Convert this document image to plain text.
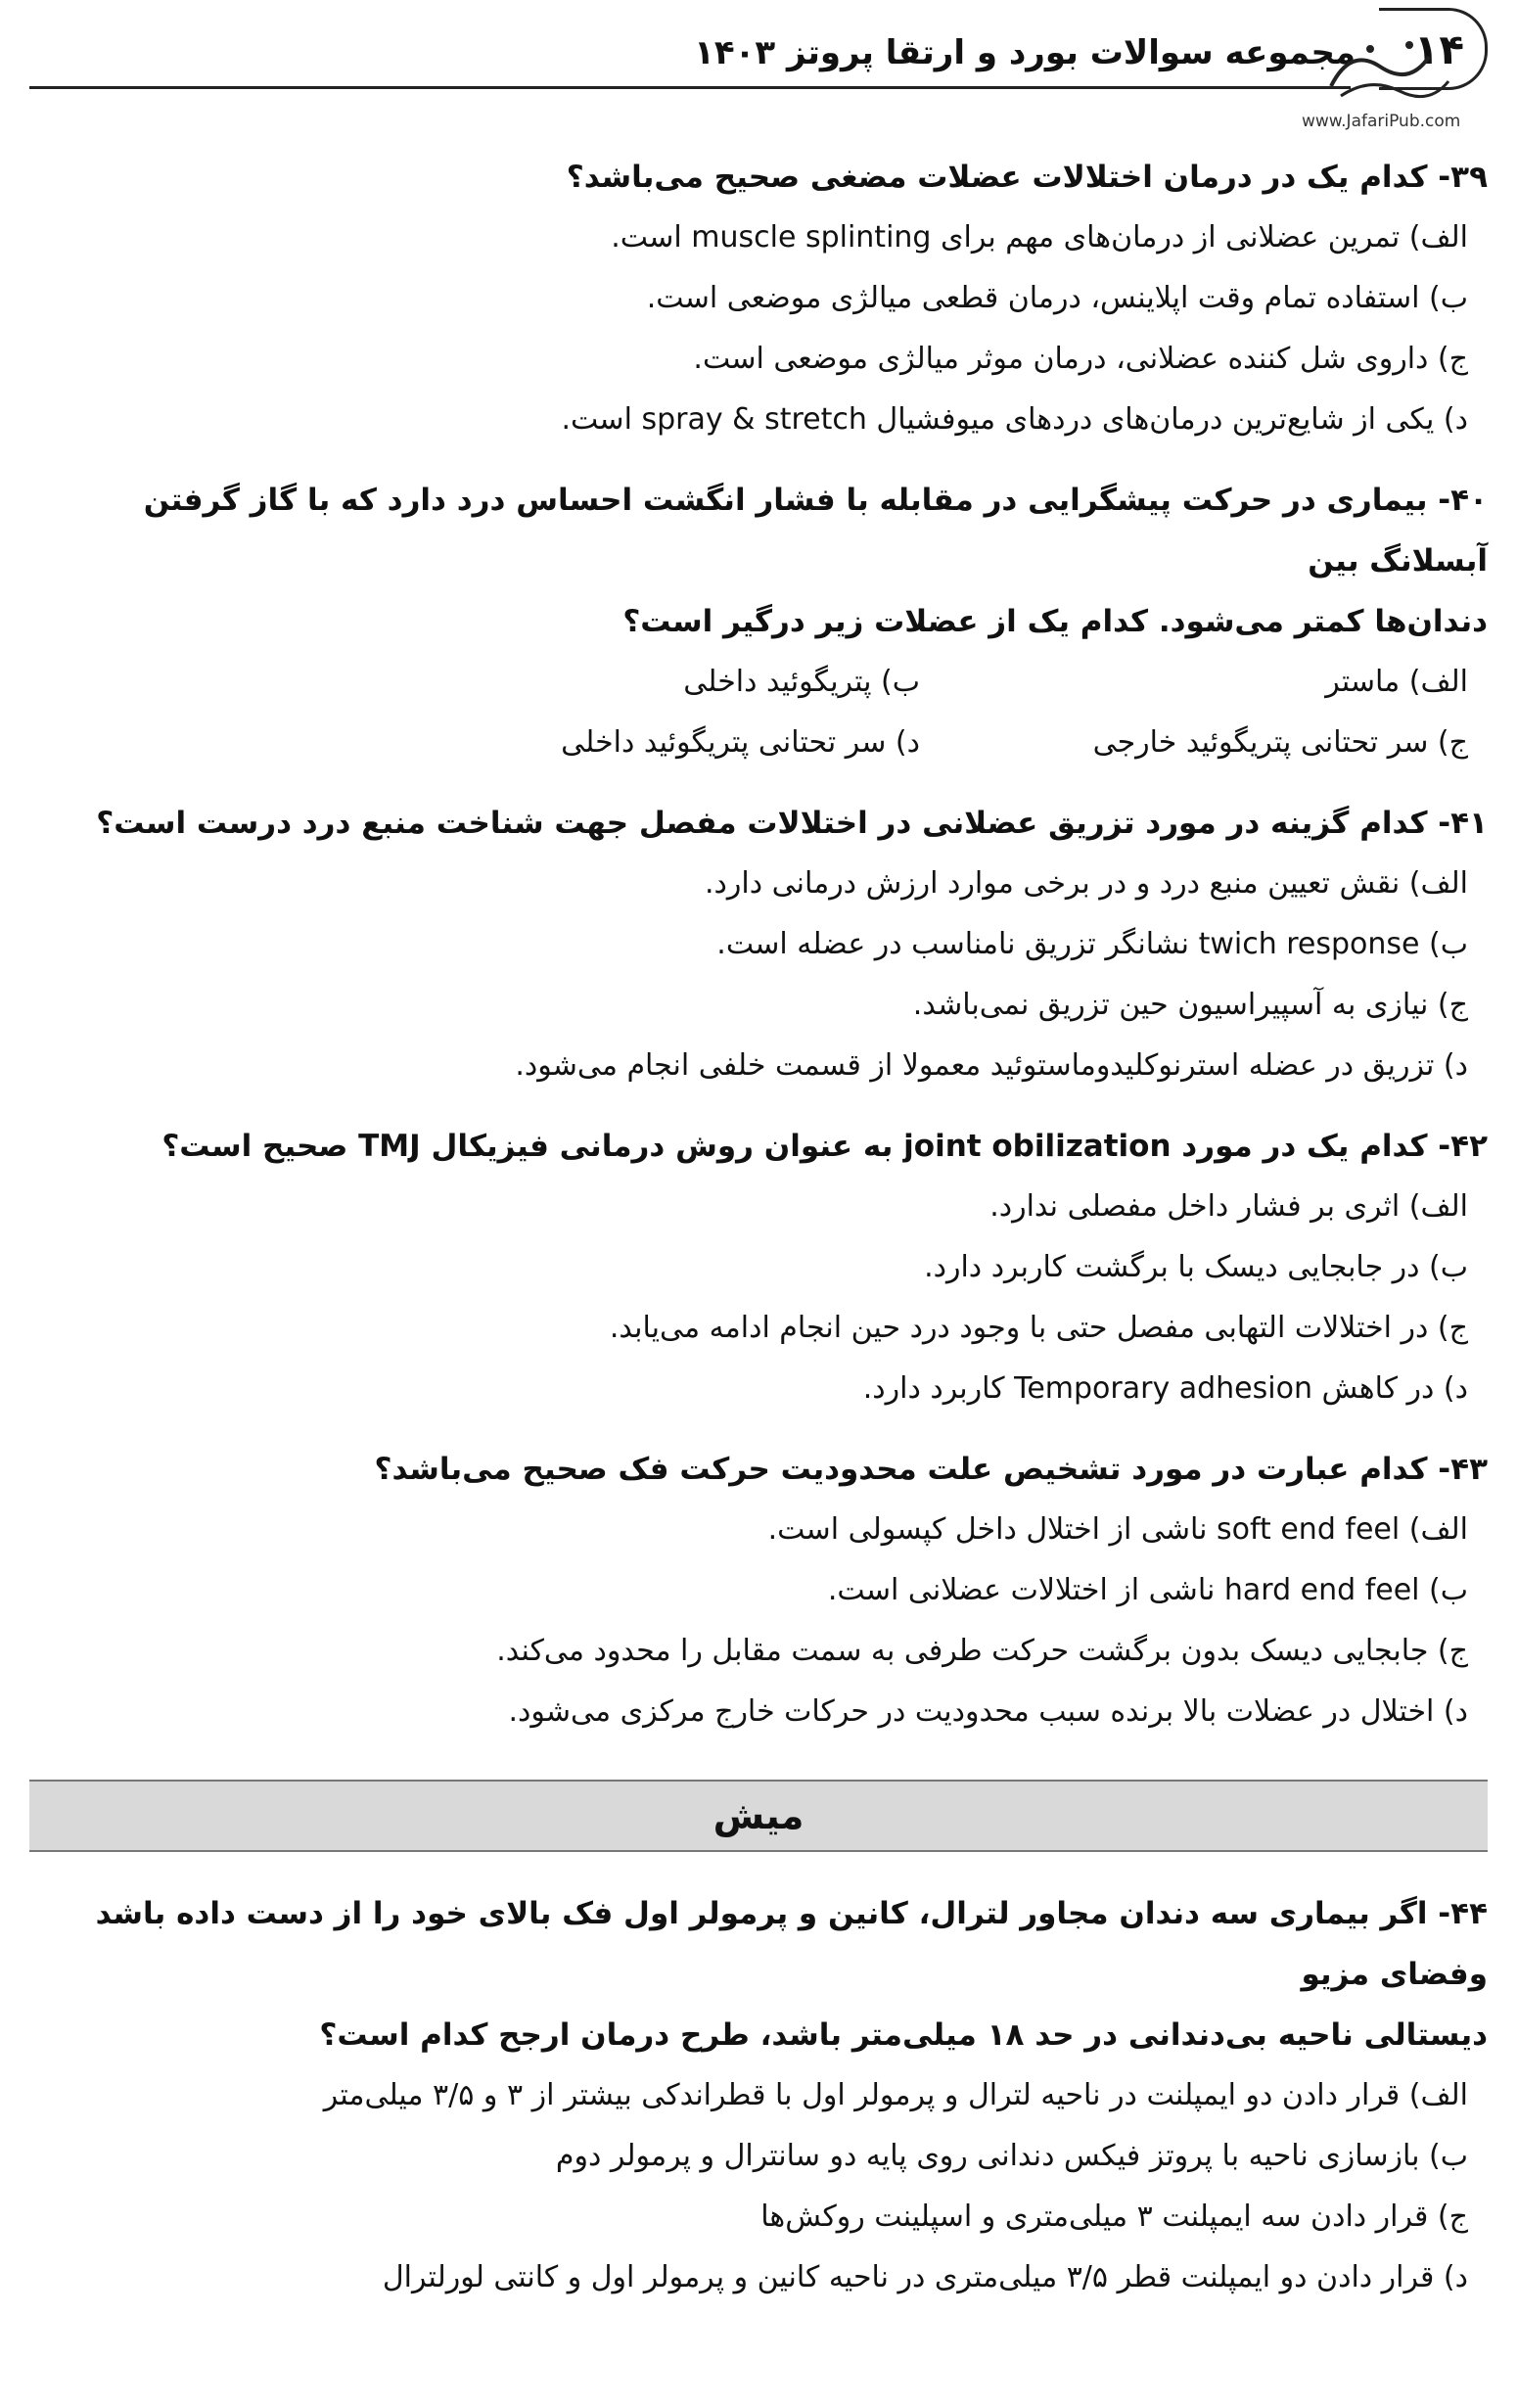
مجموعه سوالات بورد و ارتقا پروتز ۱۴۰۳ ۱۴
www.JafariPub.com

۳۹- کدام یک در درمان اختلالات عضلات مضغی صحیح می‌باشد؟

الف) تمرین عضلانی از درمان‌های مهم برای muscle splinting است.

ب) استفاده تمام وقت اپلاینس، درمان قطعی میالژی موضعی است.

ج) داروی شل کننده عضلانی، درمان موثر میالژی موضعی است.

د) یکی از شایع‌ترین درمان‌های دردهای میوفشیال spray & stretch است.

۴۰- بیماری در حرکت پیشگرایی در مقابله با فشار انگشت احساس درد دارد که با گاز گرفتن آبسلانگ بین

دندان‌ها کمتر می‌شود. کدام یک از عضلات زیر درگیر است؟

الف) ماستر

ب) پتریگوئید داخلی

ج) سر تحتانی پتریگوئید خارجی

د) سر تحتانی پتریگوئید داخلی

۴۱- کدام گزینه در مورد تزریق عضلانی در اختلالات مفصل جهت شناخت منبع درد درست است؟

الف) نقش تعیین منبع درد و در برخی موارد ارزش درمانی دارد.

ب) twich response نشانگر تزریق نامناسب در عضله است.

ج) نیازی به آسپیراسیون حین تزریق نمی‌باشد.

د) تزریق در عضله استرنوکلیدوماستوئید معمولا از قسمت خلفی انجام می‌شود.

۴۲- کدام یک در مورد joint obilization به عنوان روش درمانی فیزیکال TMJ صحیح است؟

الف) اثری بر فشار داخل مفصلی ندارد.

ب) در جابجایی دیسک با برگشت کاربرد دارد.

ج) در اختلالات التهابی مفصل حتی با وجود درد حین انجام ادامه می‌یابد.

د) در کاهش Temporary adhesion کاربرد دارد.

۴۳- کدام عبارت در مورد تشخیص علت محدودیت حرکت فک صحیح می‌باشد؟

الف) soft end feel ناشی از اختلال داخل کپسولی است.

ب) hard end feel ناشی از اختلالات عضلانی است.

ج) جابجایی دیسک بدون برگشت حرکت طرفی به سمت مقابل را محدود می‌کند.

د) اختلال در عضلات بالا برنده سبب محدودیت در حرکات خارج مرکزی می‌شود.

میش

۴۴- اگر بیماری سه دندان مجاور لترال، کانین و پرمولر اول فک بالای خود را از دست داده باشد وفضای مزیو

دیستالی ناحیه بی‌دندانی در حد ۱۸ میلی‌متر باشد، طرح درمان ارجح کدام است؟

الف) قرار دادن دو ایمپلنت در ناحیه لترال و پرمولر اول با قطراندکی بیشتر از ۳ و ۳/۵ میلی‌متر

ب) بازسازی ناحیه با پروتز فیکس دندانی روی پایه دو سانترال و پرمولر دوم

ج) قرار دادن سه ایمپلنت ۳ میلی‌متری و اسپلینت روکش‌ها

د) قرار دادن دو ایمپلنت قطر ۳/۵ میلی‌متری در ناحیه کانین و پرمولر اول و کانتی لورلترال
